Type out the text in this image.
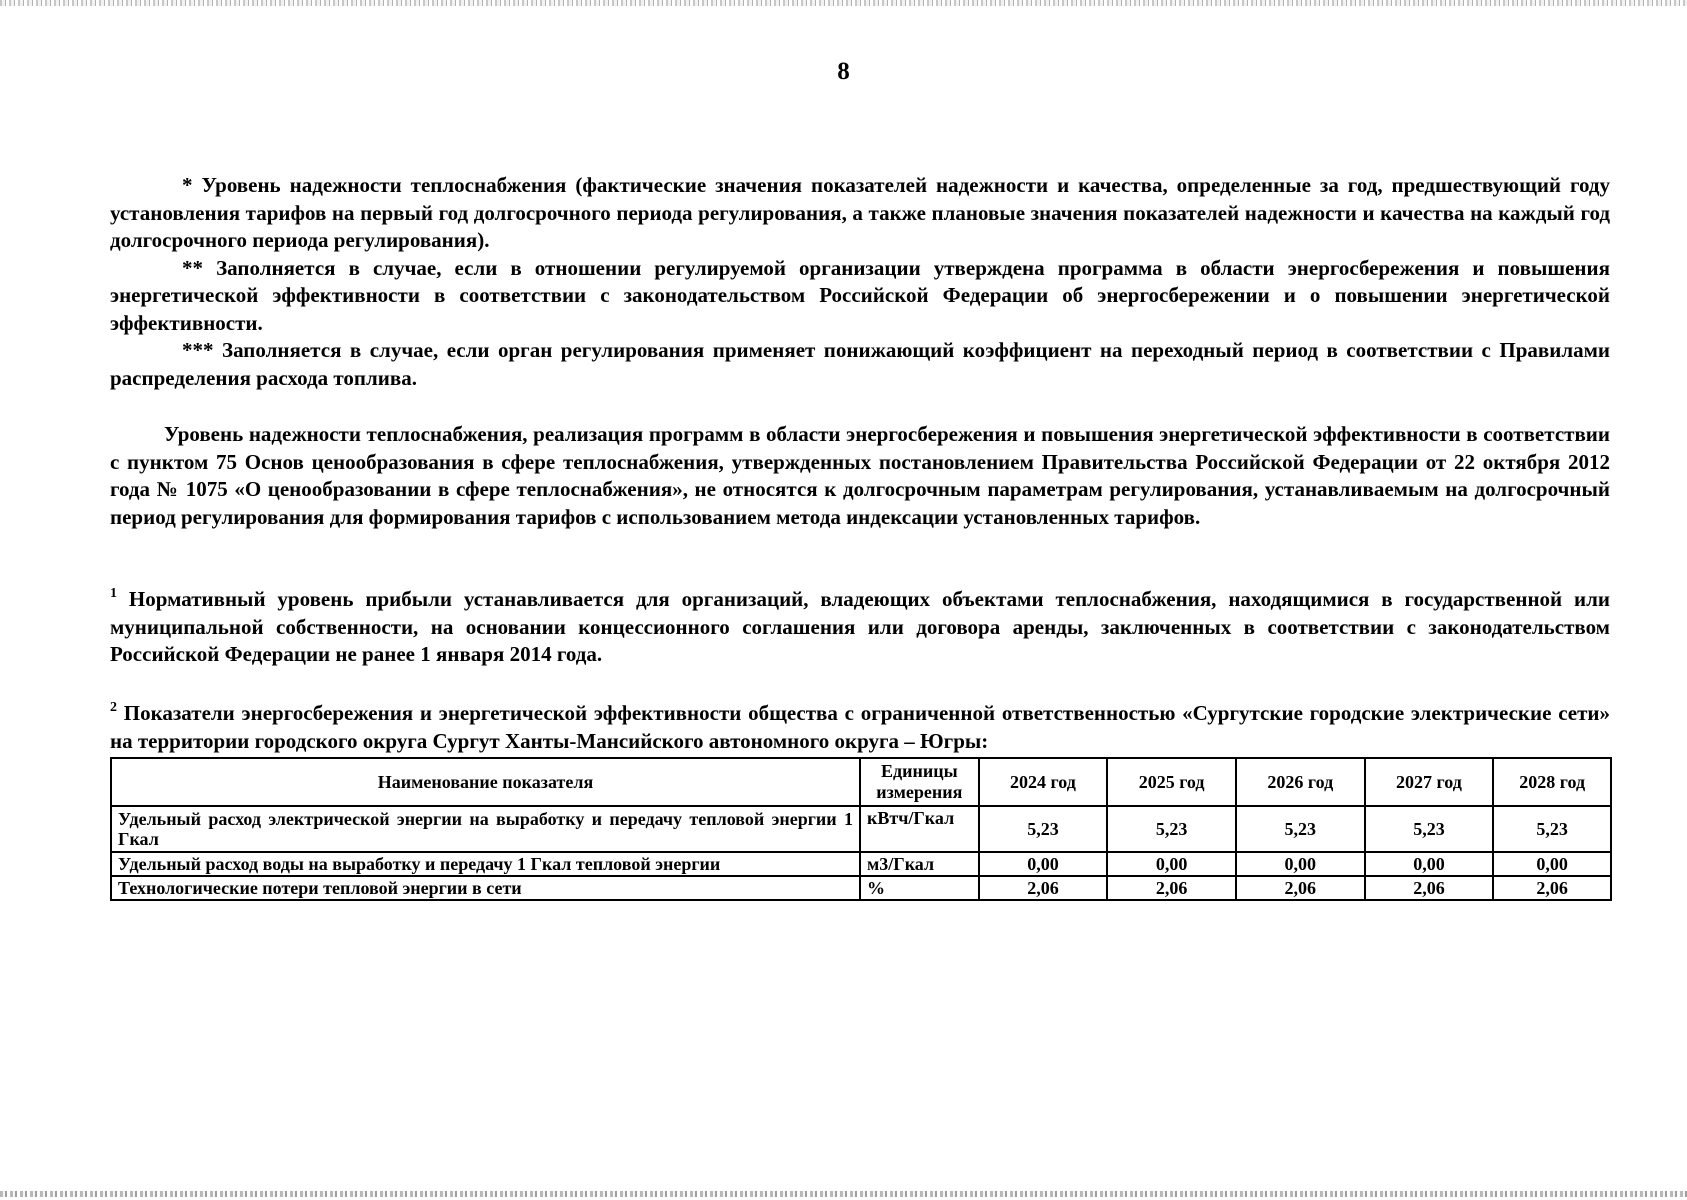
8

* Уровень надежности теплоснабжения (фактические значения показателей надежности и качества, определенные за год, предшествующий году установления тарифов на первый год долгосрочного периода регулирования, а также плановые значения показателей надежности и качества на каждый год долгосрочного периода регулирования).

** Заполняется в случае, если в отношении регулируемой организации утверждена программа в области энергосбережения и повышения энергетической эффективности в соответствии с законодательством Российской Федерации об энергосбережении и о повышении энергетической эффективности.

*** Заполняется в случае, если орган регулирования применяет понижающий коэффициент на переходный период в соответствии с Правилами распределения расхода топлива.

Уровень надежности теплоснабжения, реализация программ в области энергосбережения и повышения энергетической эффективности в соответствии с пунктом 75 Основ ценообразования в сфере теплоснабжения, утвержденных постановлением Правительства Российской Федерации от 22 октября 2012 года № 1075 «О ценообразовании в сфере теплоснабжения», не относятся к долгосрочным параметрам регулирования, устанавливаемым на долгосрочный период регулирования для формирования тарифов с использованием метода индексации установленных тарифов.

$^1$ Нормативный уровень прибыли устанавливается для организаций, владеющих объектами теплоснабжения, находящимися в государственной или муниципальной собственности, на основании концессионного соглашения или договора аренды, заключенных в соответствии с законодательством Российской Федерации не ранее 1 января 2014 года.

$^2$ Показатели энергосбережения и энергетической эффективности общества с ограниченной ответственностью «Сургутские городские электрические сети» на территории городского округа Сургут Ханты-Мансийского автономного округа – Югры:

Наименование показателя	Единицы измерения	2024 год	2025 год	2026 год	2027 год	2028 год
Удельный расход электрической энергии на выработку и передачу тепловой энергии 1 Гкал	кВтч/Гкал	5,23	5,23	5,23	5,23	5,23
Удельный расход воды на выработку и передачу 1 Гкал тепловой энергии	м3/Гкал	0,00	0,00	0,00	0,00	0,00
Технологические потери тепловой энергии в сети	%	2,06	2,06	2,06	2,06	2,06
